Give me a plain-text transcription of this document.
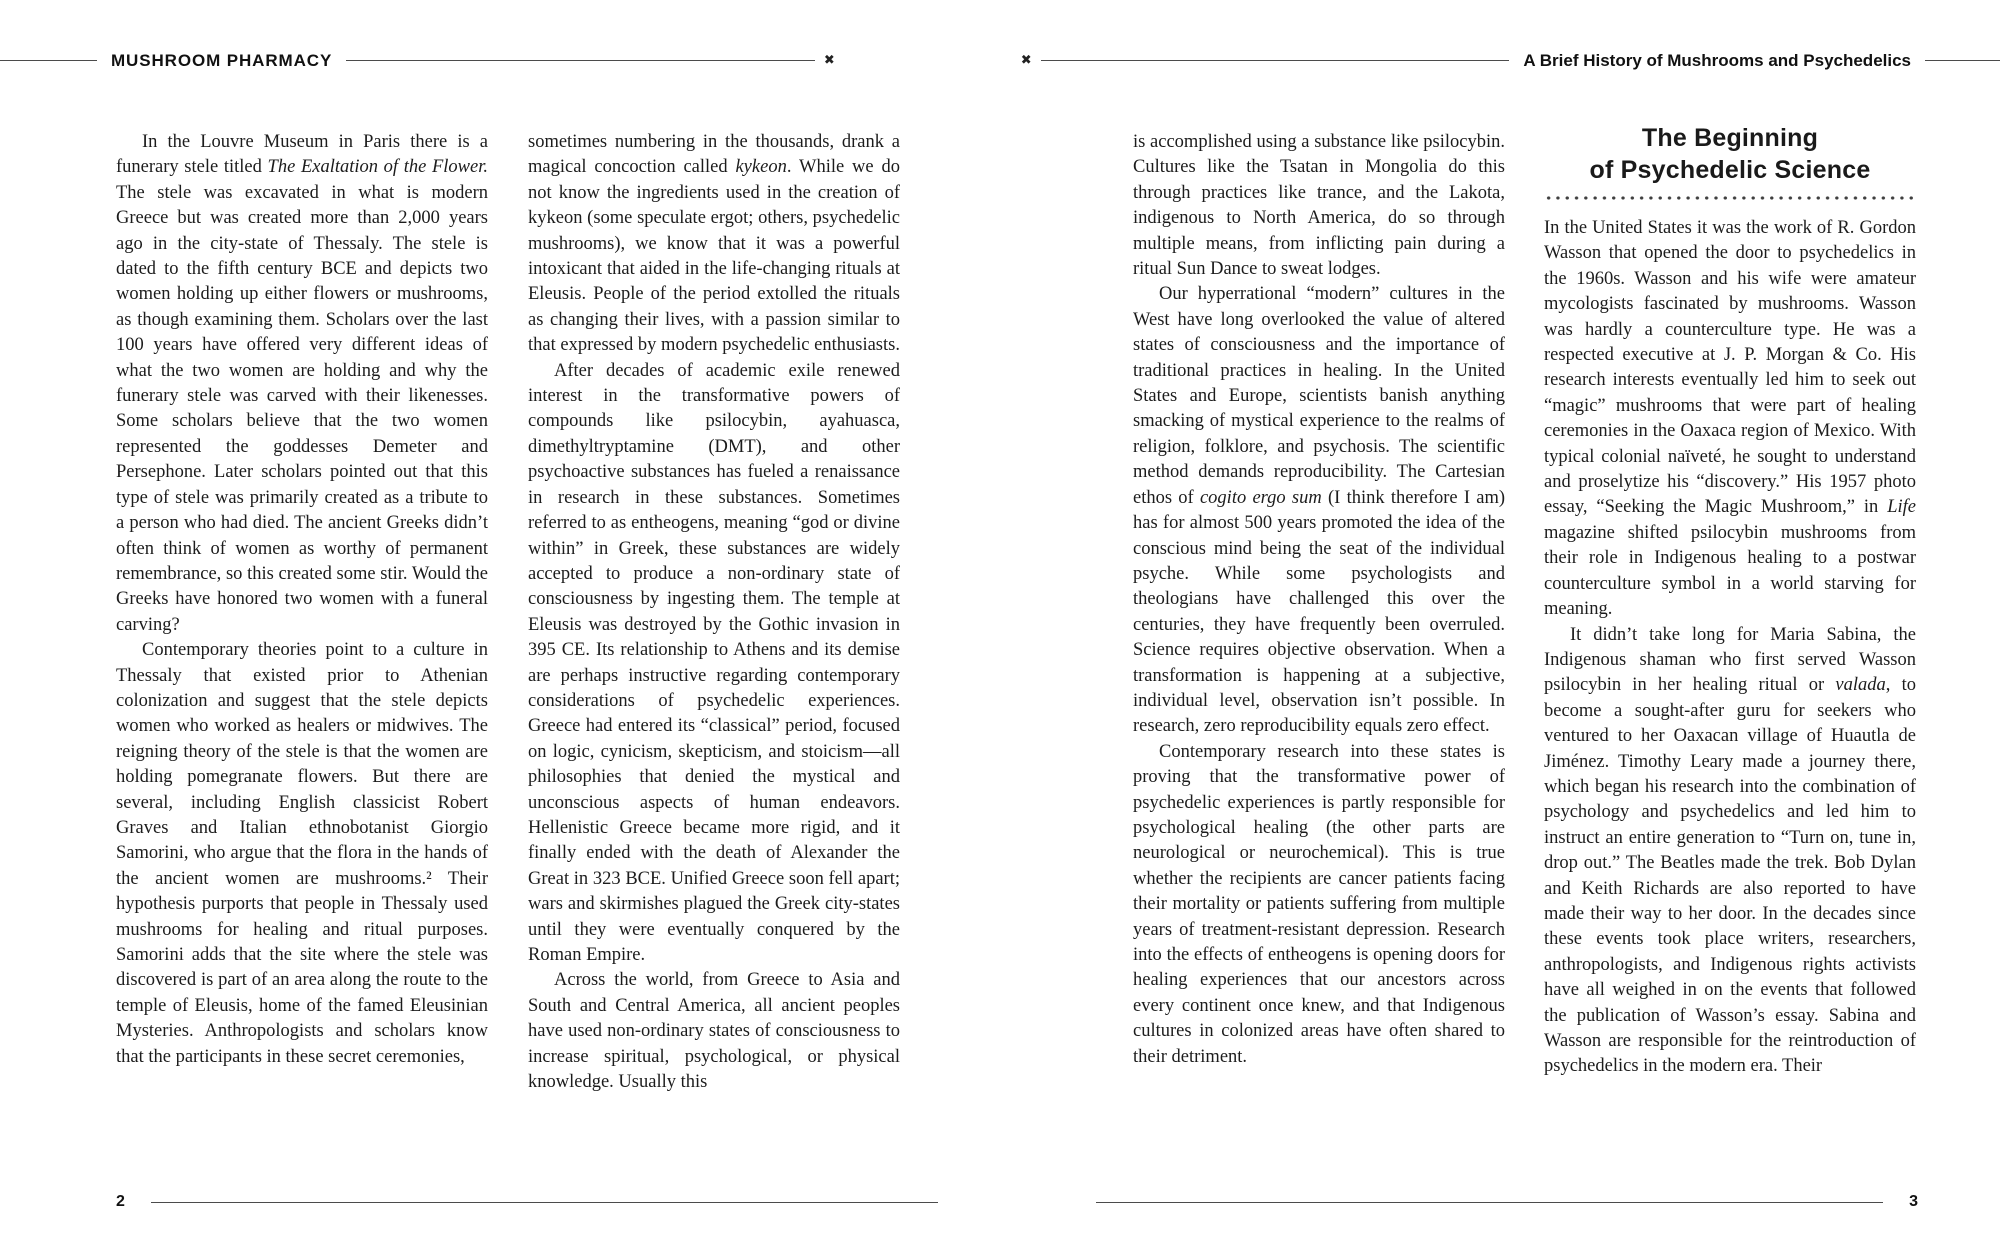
MUSHROOM PHARMACY	✖	✖	A Brief History of Mushrooms and Psychedelics

In the Louvre Museum in Paris there is a funerary stele titled The Exaltation of the Flower. The stele was excavated in what is modern Greece but was created more than 2,000 years ago in the city-state of Thessaly. The stele is dated to the fifth century BCE and depicts two women holding up either flowers or mushrooms, as though examining them. Scholars over the last 100 years have offered very different ideas of what the two women are holding and why the funerary stele was carved with their likenesses. Some scholars believe that the two women represented the goddesses Demeter and Persephone. Later scholars pointed out that this type of stele was primarily created as a tribute to a person who had died. The ancient Greeks didn’t often think of women as worthy of permanent remembrance, so this created some stir. Would the Greeks have honored two women with a funeral carving?

Contemporary theories point to a culture in Thessaly that existed prior to Athenian colonization and suggest that the stele depicts women who worked as healers or midwives. The reigning theory of the stele is that the women are holding pomegranate flowers. But there are several, including English classicist Robert Graves and Italian ethnobotanist Giorgio Samorini, who argue that the flora in the hands of the ancient women are mushrooms.² Their hypothesis purports that people in Thessaly used mushrooms for healing and ritual purposes. Samorini adds that the site where the stele was discovered is part of an area along the route to the temple of Eleusis, home of the famed Eleusinian Mysteries. Anthropologists and scholars know that the participants in these secret ceremonies,

sometimes numbering in the thousands, drank a magical concoction called kykeon. While we do not know the ingredients used in the creation of kykeon (some speculate ergot; others, psychedelic mushrooms), we know that it was a powerful intoxicant that aided in the life-changing rituals at Eleusis. People of the period extolled the rituals as changing their lives, with a passion similar to that expressed by modern psychedelic enthusiasts.

After decades of academic exile renewed interest in the transformative powers of compounds like psilocybin, ayahuasca, dimethyltryptamine (DMT), and other psychoactive substances has fueled a renaissance in research in these substances. Sometimes referred to as entheogens, meaning “god or divine within” in Greek, these substances are widely accepted to produce a non-ordinary state of consciousness by ingesting them. The temple at Eleusis was destroyed by the Gothic invasion in 395 CE. Its relationship to Athens and its demise are perhaps instructive regarding contemporary considerations of psychedelic experiences. Greece had entered its “classical” period, focused on logic, cynicism, skepticism, and stoicism—all philosophies that denied the mystical and unconscious aspects of human endeavors. Hellenistic Greece became more rigid, and it finally ended with the death of Alexander the Great in 323 BCE. Unified Greece soon fell apart; wars and skirmishes plagued the Greek city-states until they were eventually conquered by the Roman Empire.

Across the world, from Greece to Asia and South and Central America, all ancient peoples have used non-ordinary states of consciousness to increase spiritual, psychological, or physical knowledge. Usually this

is accomplished using a substance like psilocybin. Cultures like the Tsatan in Mongolia do this through practices like trance, and the Lakota, indigenous to North America, do so through multiple means, from inflicting pain during a ritual Sun Dance to sweat lodges.

Our hyperrational “modern” cultures in the West have long overlooked the value of altered states of consciousness and the importance of traditional practices in healing. In the United States and Europe, scientists banish anything smacking of mystical experience to the realms of religion, folklore, and psychosis. The scientific method demands reproducibility. The Cartesian ethos of cogito ergo sum (I think therefore I am) has for almost 500 years promoted the idea of the conscious mind being the seat of the individual psyche. While some psychologists and theologians have challenged this over the centuries, they have frequently been overruled. Science requires objective observation. When a transformation is happening at a subjective, individual level, observation isn’t possible. In research, zero reproducibility equals zero effect.

Contemporary research into these states is proving that the transformative power of psychedelic experiences is partly responsible for psychological healing (the other parts are neurological or neurochemical). This is true whether the recipients are cancer patients facing their mortality or patients suffering from multiple years of treatment-resistant depression. Research into the effects of entheogens is opening doors for healing experiences that our ancestors across every continent once knew, and that Indigenous cultures in colonized areas have often shared to their detriment.

The Beginning
of Psychedelic Science

In the United States it was the work of R. Gordon Wasson that opened the door to psychedelics in the 1960s. Wasson and his wife were amateur mycologists fascinated by mushrooms. Wasson was hardly a counterculture type. He was a respected executive at J. P. Morgan & Co. His research interests eventually led him to seek out “magic” mushrooms that were part of healing ceremonies in the Oaxaca region of Mexico. With typical colonial naïveté, he sought to understand and proselytize his “discovery.” His 1957 photo essay, “Seeking the Magic Mushroom,” in Life magazine shifted psilocybin mushrooms from their role in Indigenous healing to a postwar counterculture symbol in a world starving for meaning.

It didn’t take long for Maria Sabina, the Indigenous shaman who first served Wasson psilocybin in her healing ritual or valada, to become a sought-after guru for seekers who ventured to her Oaxacan village of Huautla de Jiménez. Timothy Leary made a journey there, which began his research into the combination of psychology and psychedelics and led him to instruct an entire generation to “Turn on, tune in, drop out.” The Beatles made the trek. Bob Dylan and Keith Richards are also reported to have made their way to her door. In the decades since these events took place writers, researchers, anthropologists, and Indigenous rights activists have all weighed in on the events that followed the publication of Wasson’s essay. Sabina and Wasson are responsible for the reintroduction of psychedelics in the modern era. Their

2	3
